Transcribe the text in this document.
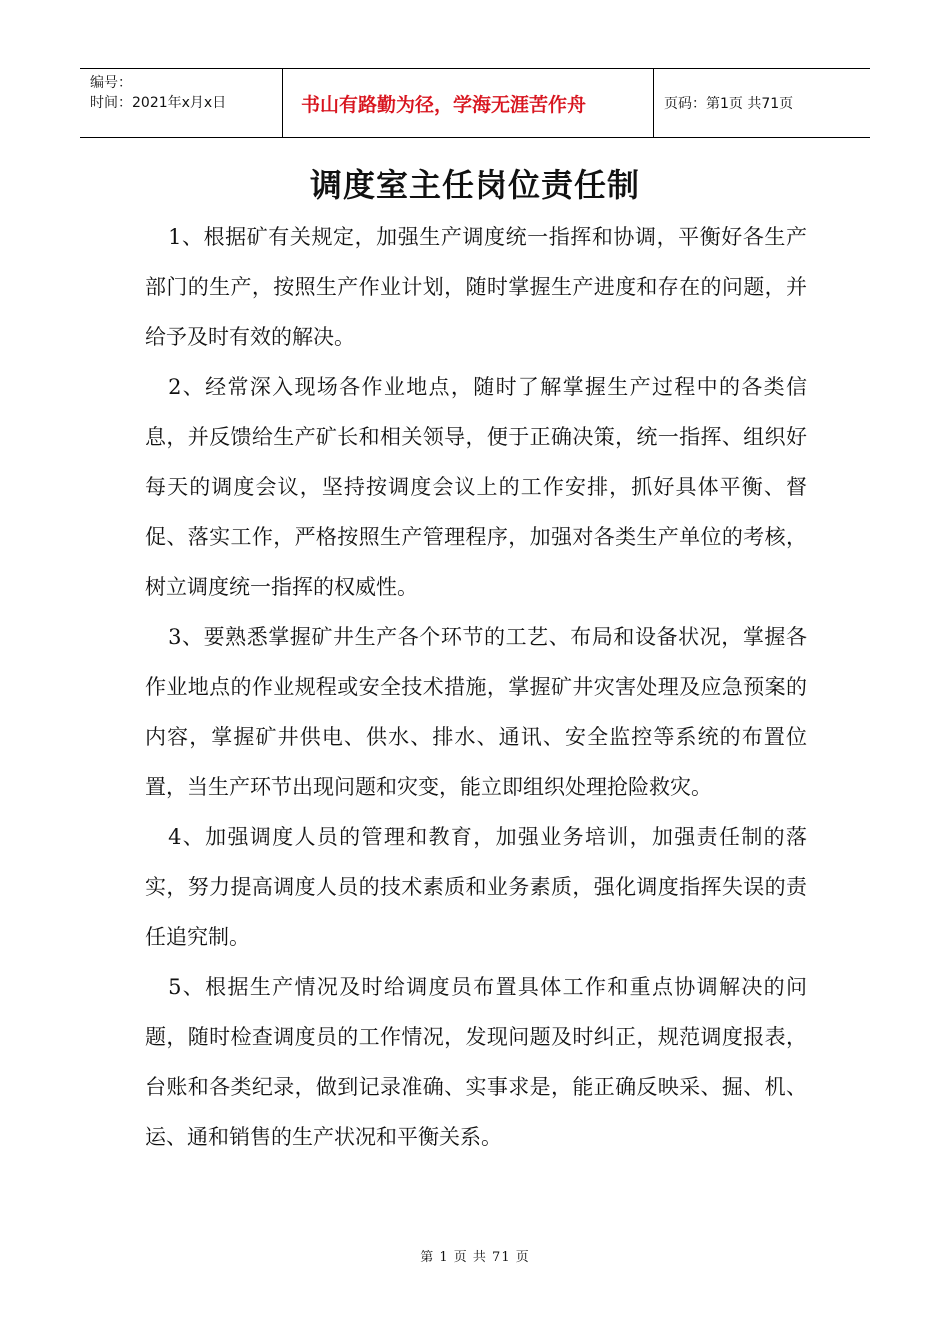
编号：
时间：2021年x月x日	书山有路勤为径，学海无涯苦作舟	页码：第1页 共71页
调度室主任岗位责任制

1、根据矿有关规定，加强生产调度统一指挥和协调，平衡好各生产部门的生产，按照生产作业计划，随时掌握生产进度和存在的问题，并给予及时有效的解决。

2、经常深入现场各作业地点，随时了解掌握生产过程中的各类信息，并反馈给生产矿长和相关领导，便于正确决策，统一指挥、组织好每天的调度会议，坚持按调度会议上的工作安排，抓好具体平衡、督促、落实工作，严格按照生产管理程序，加强对各类生产单位的考核，树立调度统一指挥的权威性。

3、要熟悉掌握矿井生产各个环节的工艺、布局和设备状况，掌握各作业地点的作业规程或安全技术措施，掌握矿井灾害处理及应急预案的内容，掌握矿井供电、供水、排水、通讯、安全监控等系统的布置位置，当生产环节出现问题和灾变，能立即组织处理抢险救灾。

4、加强调度人员的管理和教育，加强业务培训，加强责任制的落实，努力提高调度人员的技术素质和业务素质，强化调度指挥失误的责任追究制。

5、根据生产情况及时给调度员布置具体工作和重点协调解决的问题，随时检查调度员的工作情况，发现问题及时纠正，规范调度报表，台账和各类纪录，做到记录准确、实事求是，能正确反映采、掘、机、运、通和销售的生产状况和平衡关系。

第 1 页 共 71 页
